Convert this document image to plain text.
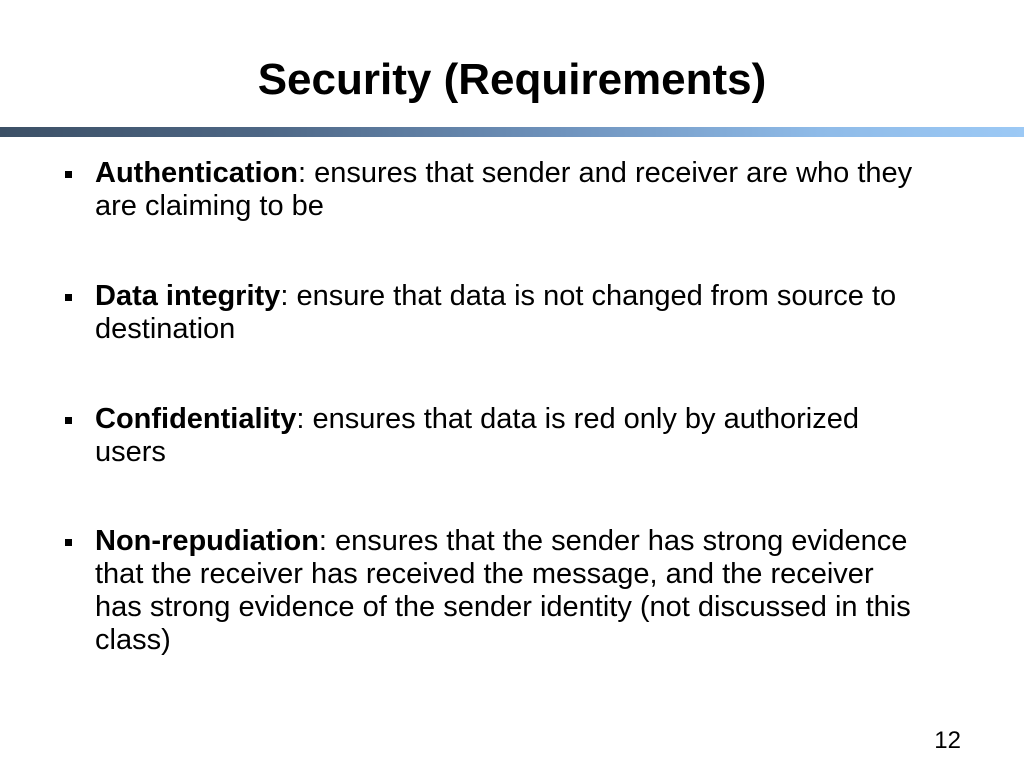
Security (Requirements)
Authentication: ensures that sender and receiver are who they are claiming to be
Data integrity: ensure that data is not changed from source to destination
Confidentiality: ensures that data is red only by authorized users
Non-repudiation: ensures that the sender has strong evidence that the receiver has received the message, and the receiver has strong evidence of the sender identity (not discussed in this class)
12
